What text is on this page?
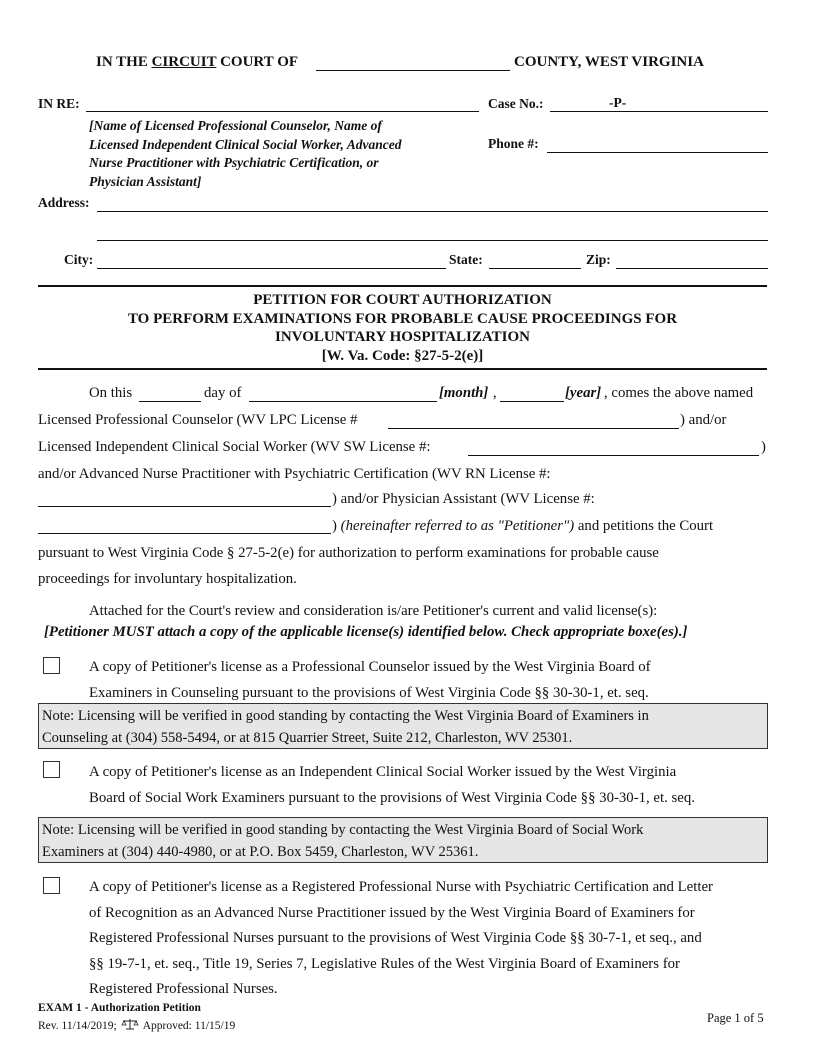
IN THE CIRCUIT COURT OF	COUNTY, WEST VIRGINIA
IN RE:	Case No.:	-P-
[Name of Licensed Professional Counselor, Name of
Licensed Independent Clinical Social Worker, Advanced
Nurse Practitioner with Psychiatric Certification, or
Physician Assistant]
Phone #:
Address:
City:	State:	Zip:
PETITION FOR COURT AUTHORIZATION
TO PERFORM EXAMINATIONS FOR PROBABLE CAUSE PROCEEDINGS FOR
INVOLUNTARY HOSPITALIZATION
[W. Va. Code: §27-5-2(e)]
On this	day of	[month] ,	[year] , comes the above named
Licensed Professional Counselor (WV LPC License #	) and/or
Licensed Independent Clinical Social Worker (WV SW License #:	)
and/or Advanced Nurse Practitioner with Psychiatric Certification (WV RN License #:
) and/or Physician Assistant (WV License #:
) (hereinafter referred to as "Petitioner") and petitions the Court
pursuant to West Virginia Code § 27-5-2(e) for authorization to perform examinations for probable cause
proceedings for involuntary hospitalization.
Attached for the Court's review and consideration is/are Petitioner's current and valid license(s):
[Petitioner MUST attach a copy of the applicable license(s) identified below. Check appropriate boxe(es).]
A copy of Petitioner's license as a Professional Counselor issued by the West Virginia Board of
Examiners in Counseling pursuant to the provisions of West Virginia Code §§ 30-30-1, et. seq.
Note: Licensing will be verified in good standing by contacting the West Virginia Board of Examiners in
Counseling at (304) 558-5494, or at 815 Quarrier Street, Suite 212, Charleston, WV 25301.
A copy of Petitioner's license as an Independent Clinical Social Worker issued by the West Virginia
Board of Social Work Examiners pursuant to the provisions of West Virginia Code §§ 30-30-1, et. seq.
Note: Licensing will be verified in good standing by contacting the West Virginia Board of Social Work
Examiners at (304) 440-4980, or at P.O. Box 5459, Charleston, WV 25361.
A copy of Petitioner's license as a Registered Professional Nurse with Psychiatric Certification and Letter
of Recognition as an Advanced Nurse Practitioner issued by the West Virginia Board of Examiners for
Registered Professional Nurses pursuant to the provisions of West Virginia Code §§ 30-7-1, et seq., and
§§ 19-7-1, et. seq., Title 19, Series 7, Legislative Rules of the West Virginia Board of Examiners for
Registered Professional Nurses.
EXAM 1 - Authorization Petition
Rev. 11/14/2019; Approved: 11/15/19
Page 1 of 5
